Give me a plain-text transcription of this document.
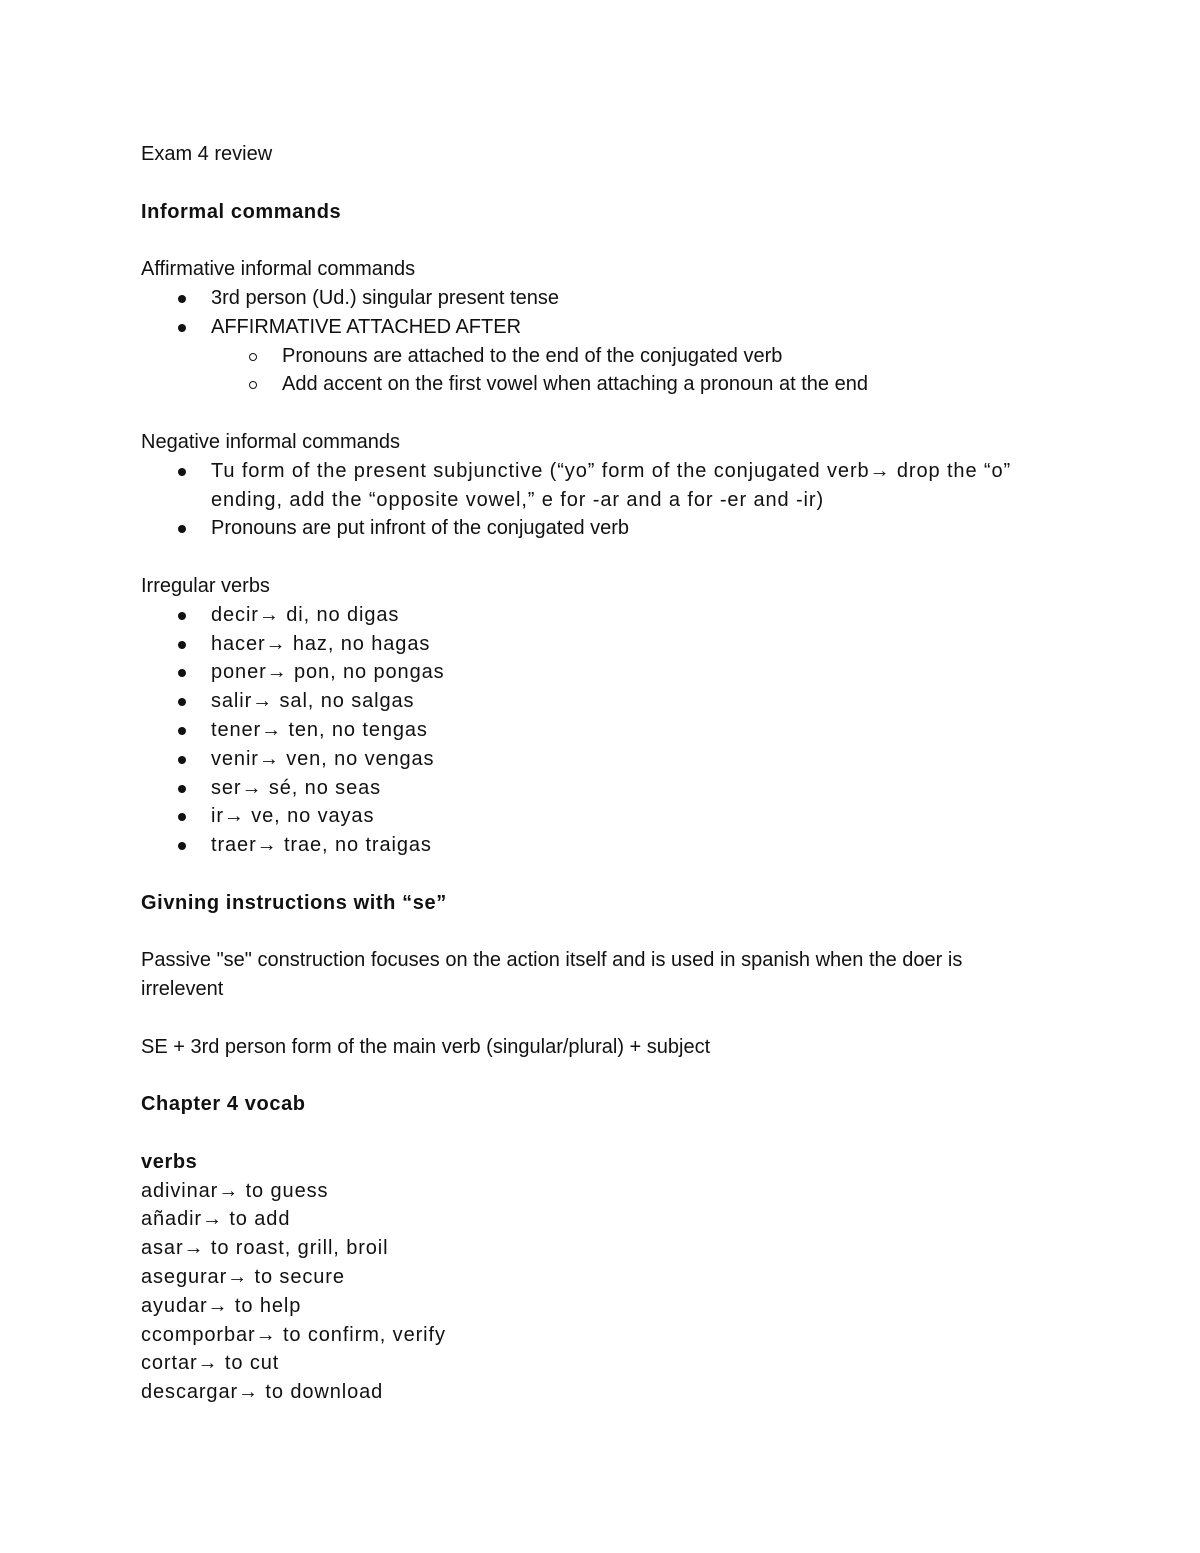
Exam 4 review
Informal commands
Affirmative informal commands
3rd person (Ud.) singular present tense
AFFIRMATIVE ATTACHED AFTER
Pronouns are attached to the end of the conjugated verb
Add accent on the first vowel when attaching a pronoun at the end
Negative informal commands
Tu form of the present subjunctive (“yo” form of the conjugated verb→ drop the “o” ending, add the “opposite vowel,” e for -ar and a for -er and -ir)
Pronouns are put infront of the conjugated verb
Irregular verbs
decir→ di, no digas
hacer→ haz, no hagas
poner→ pon, no pongas
salir→ sal, no salgas
tener→ ten, no tengas
venir→ ven, no vengas
ser→ sé, no seas
ir→ ve, no vayas
traer→ trae, no traigas
Givning instructions with “se”
Passive "se" construction focuses on the action itself and is used in spanish when the doer is irrelevent
SE + 3rd person form of the main verb (singular/plural) + subject
Chapter 4 vocab
verbs
adivinar→ to guess
añadir→ to add
asar→ to roast, grill, broil
asegurar→ to secure
ayudar→ to help
ccomporbar→ to confirm, verify
cortar→ to cut
descargar→ to download
